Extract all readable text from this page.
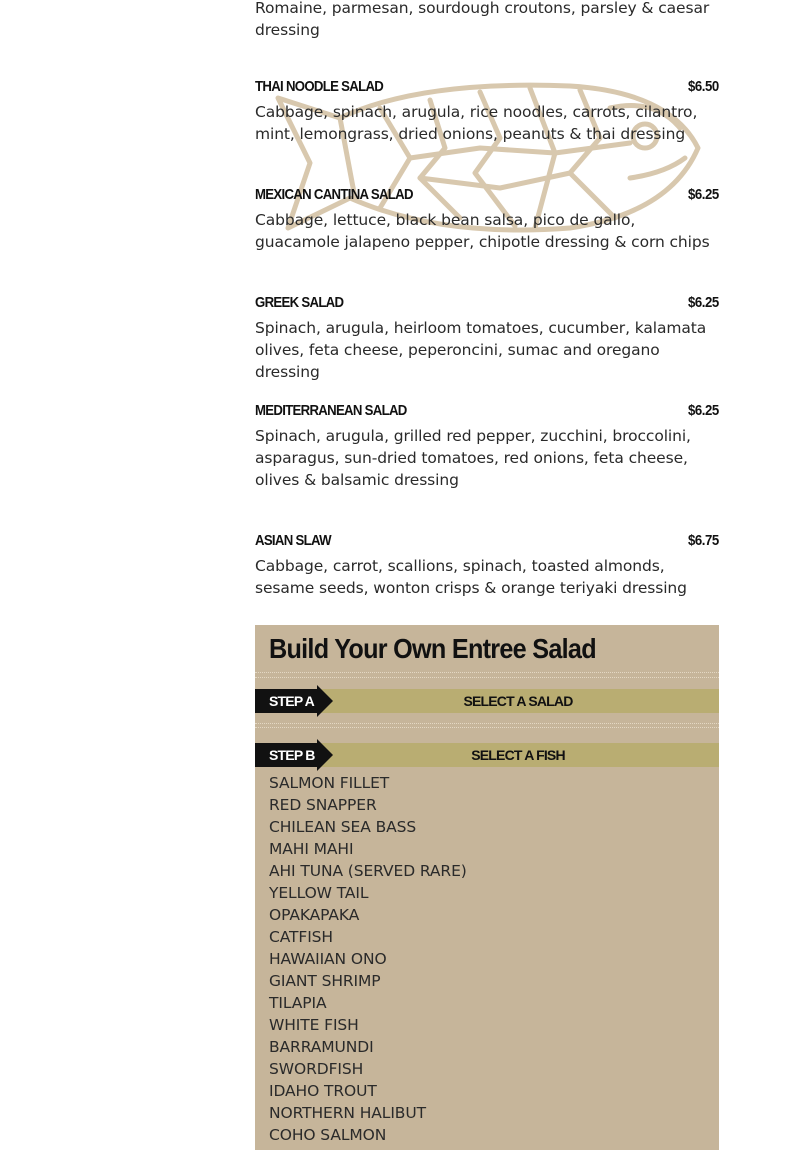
Romaine, parmesan, sourdough croutons, parsley & caesar dressing
THAI NOODLE SALAD	$6.50
Cabbage, spinach, arugula, rice noodles, carrots, cilantro, mint, lemongrass, dried onions, peanuts & thai dressing
MEXICAN CANTINA SALAD	$6.25
Cabbage, lettuce, black bean salsa, pico de gallo, guacamole jalapeno pepper, chipotle dressing & corn chips
GREEK SALAD	$6.25
Spinach, arugula, heirloom tomatoes, cucumber, kalamata olives, feta cheese, peperoncini, sumac and oregano dressing
MEDITERRANEAN SALAD	$6.25
Spinach, arugula, grilled red pepper, zucchini, broccolini, asparagus, sun-dried tomatoes, red onions, feta cheese, olives & balsamic dressing
ASIAN SLAW	$6.75
Cabbage, carrot, scallions, spinach, toasted almonds, sesame seeds, wonton crisps & orange teriyaki dressing
Build Your Own Entree Salad
STEP A	SELECT A SALAD
STEP B	SELECT A FISH
SALMON FILLET
RED SNAPPER
CHILEAN SEA BASS
MAHI MAHI
AHI TUNA (SERVED RARE)
YELLOW TAIL
OPAKAPAKA
CATFISH
HAWAIIAN ONO
GIANT SHRIMP
TILAPIA
WHITE FISH
BARRAMUNDI
SWORDFISH
IDAHO TROUT
NORTHERN HALIBUT
COHO SALMON
